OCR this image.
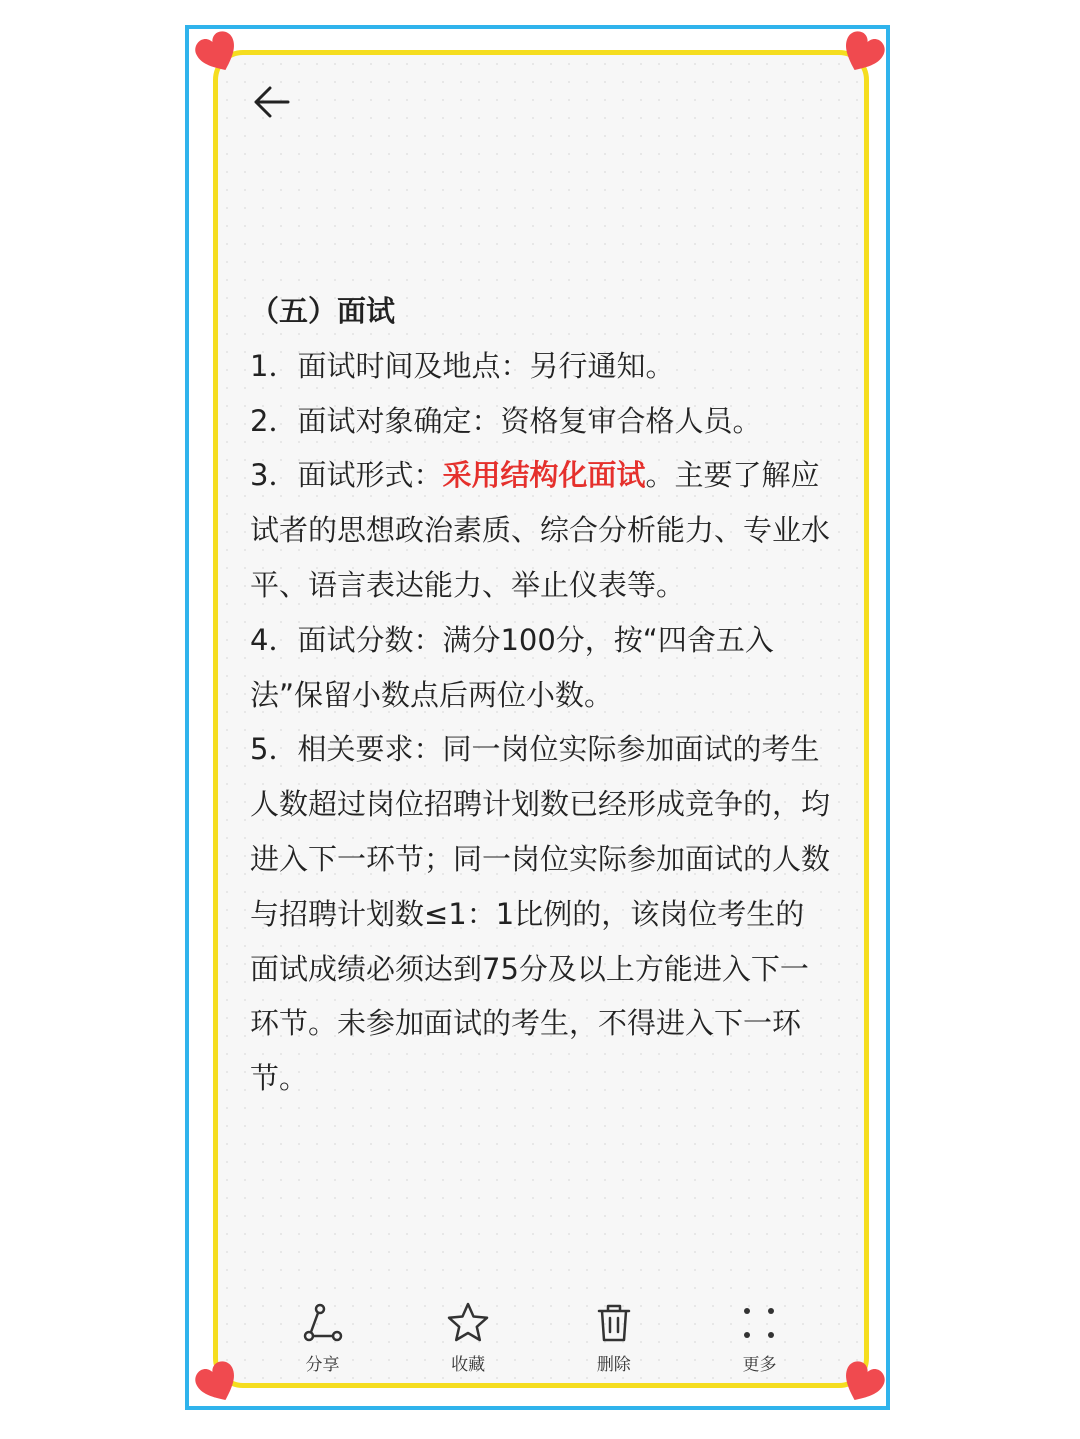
（五）面试

1．面试时间及地点：另行通知。

2．面试对象确定：资格复审合格人员。

3．面试形式：采用结构化面试。主要了解应试者的思想政治素质、综合分析能力、专业水平、语言表达能力、举止仪表等。

4．面试分数：满分100分，按“四舍五入法”保留小数点后两位小数。

5．相关要求：同一岗位实际参加面试的考生人数超过岗位招聘计划数已经形成竞争的，均进入下一环节；同一岗位实际参加面试的人数与招聘计划数≤1：1比例的，该岗位考生的面试成绩必须达到75分及以上方能进入下一环节。未参加面试的考生，不得进入下一环节。

分享	收藏	删除	更多
